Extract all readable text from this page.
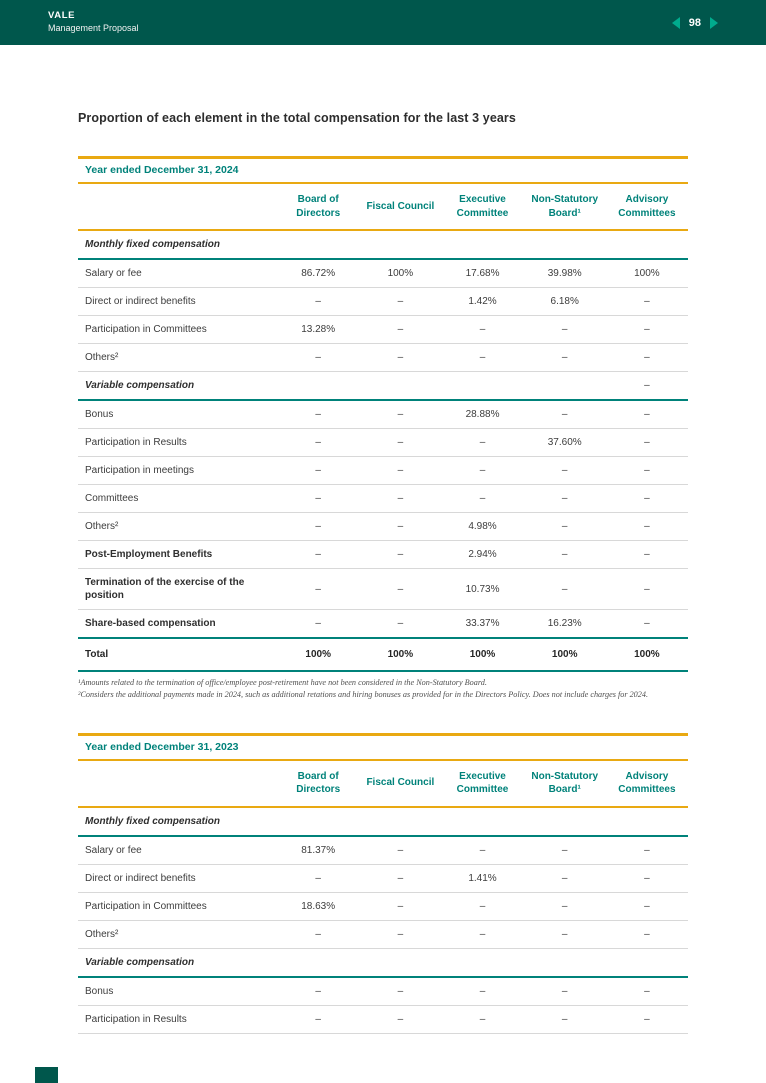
VALE
Management Proposal	98
Proportion of each element in the total compensation for the last 3 years
Year ended December 31, 2024
	Board of Directors	Fiscal Council	Executive Committee	Non-Statutory Board¹	Advisory Committees
Monthly fixed compensation					
Salary or fee	86.72%	100%	17.68%	39.98%	100%
Direct or indirect benefits	–	–	1.42%	6.18%	–
Participation in Committees	13.28%	–	–	–	–
Others²	–	–	–	–	–
Variable compensation					–
Bonus	–	–	28.88%	–	–
Participation in Results	–	–	–	37.60%	–
Participation in meetings	–	–	–	–	–
Committees	–	–	–	–	–
Others²	–	–	4.98%	–	–
Post-Employment Benefits	–	–	2.94%	–	–
Termination of the exercise of the position	–	–	10.73%	–	–
Share-based compensation	–	–	33.37%	16.23%	–
Total	100%	100%	100%	100%	100%

¹Amounts related to the termination of office/employee post-retirement have not been considered in the Non-Statutory Board.

²Considers the additional payments made in 2024, such as additional retations and hiring bonuses as provided for in the Directors Policy. Does not include charges for 2024.

Year ended December 31, 2023
	Board of Directors	Fiscal Council	Executive Committee	Non-Statutory Board¹	Advisory Committees
Monthly fixed compensation					
Salary or fee	81.37%	–	–	–	–
Direct or indirect benefits	–	–	1.41%	–	–
Participation in Committees	18.63%	–	–	–	–
Others²	–	–	–	–	–
Variable compensation					
Bonus	–	–	–	–	–
Participation in Results	–	–	–	–	–
